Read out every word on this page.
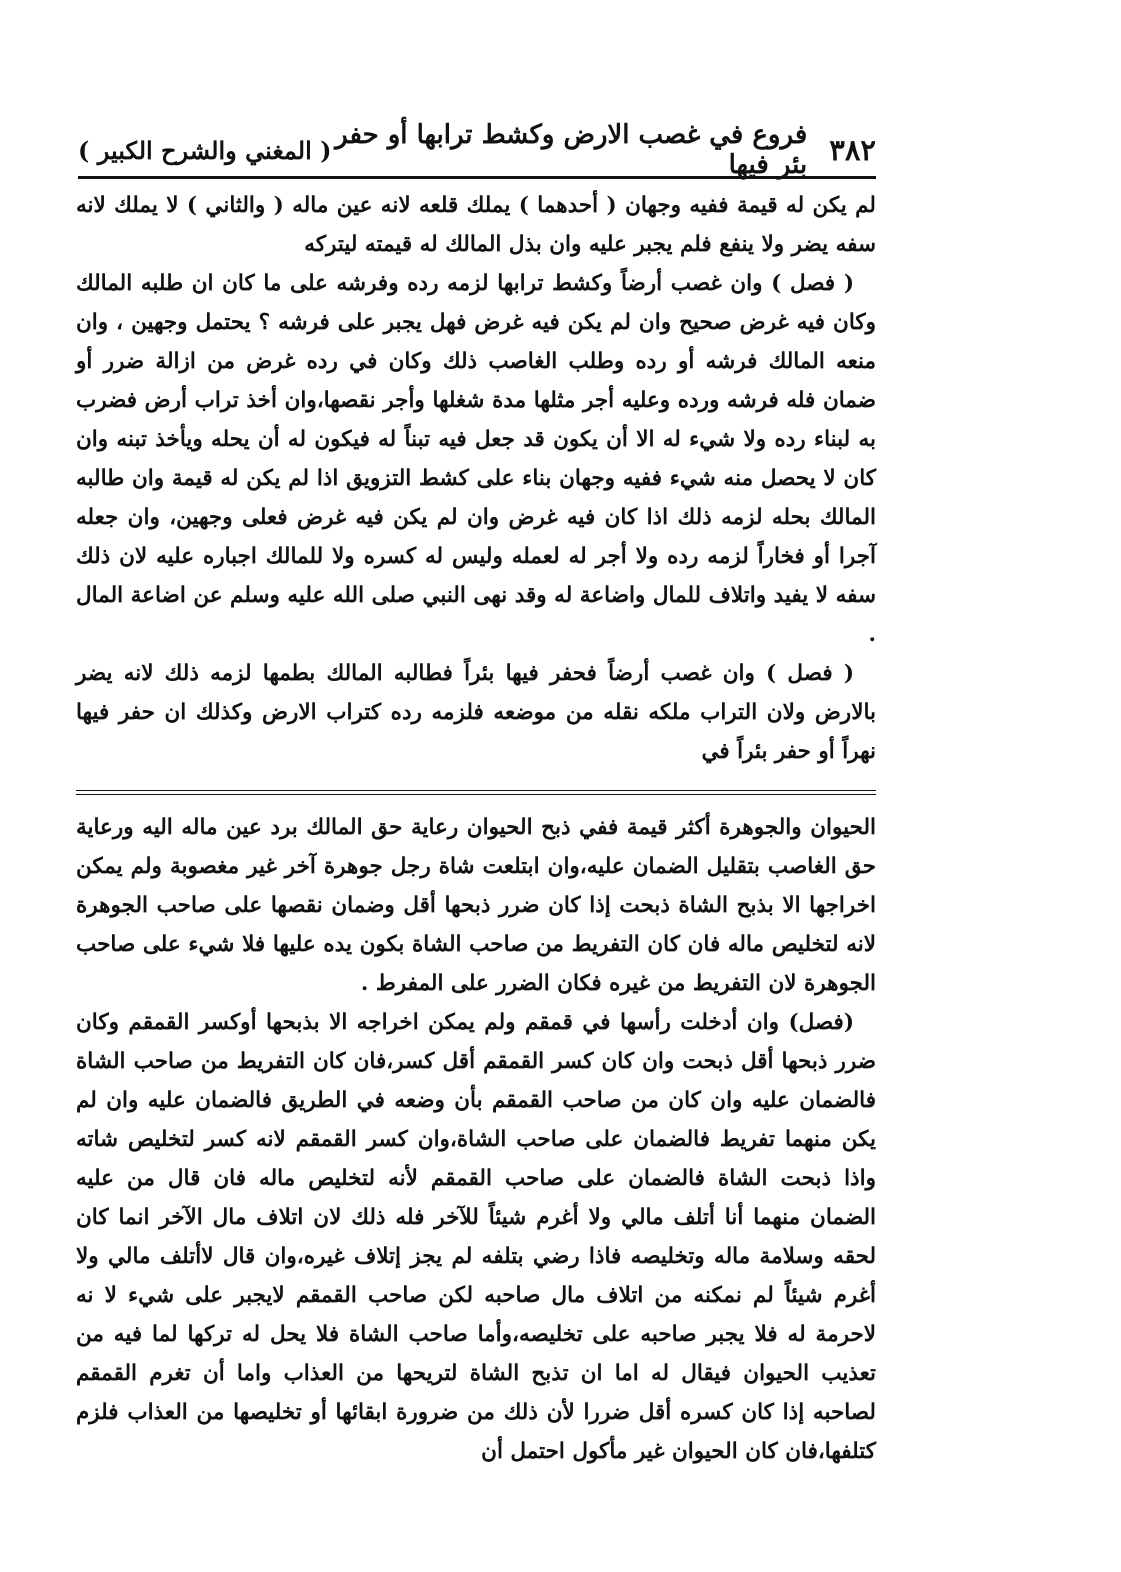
٣٨٢
فروع في غصب الارض وكشط ترابها أو حفر بئر فيها
( المغني والشرح الكبير )

لم يكن له قيمة ففيه وجهان ( أحدهما ) يملك قلعه لانه عين ماله ( والثاني ) لا يملك لانه سفه يضر ولا ينفع فلم يجبر عليه وان بذل المالك له قيمته ليتركه

( فصل ) وان غصب أرضاً وكشط ترابها لزمه رده وفرشه على ما كان ان طلبه المالك وكان فيه غرض صحيح وان لم يكن فيه غرض فهل يجبر على فرشه ؟ يحتمل وجهين ، وان منعه المالك فرشه أو رده وطلب الغاصب ذلك وكان في رده غرض من ازالة ضرر أو ضمان فله فرشه ورده وعليه أجر مثلها مدة شغلها وأجر نقصها،وان أخذ تراب أرض فضرب به لبناء رده ولا شيء له الا أن يكون قد جعل فيه تبناً له فيكون له أن يحله ويأخذ تبنه وان كان لا يحصل منه شيء ففيه وجهان بناء على كشط التزويق اذا لم يكن له قيمة وان طالبه المالك بحله لزمه ذلك اذا كان فيه غرض وان لم يكن فيه غرض فعلى وجهين، وان جعله آجرا أو فخاراً لزمه رده ولا أجر له لعمله وليس له كسره ولا للمالك اجباره عليه لان ذلك سفه لا يفيد واتلاف للمال واضاعة له وقد نهى النبي صلى الله عليه وسلم عن اضاعة المال .

( فصل ) وان غصب أرضاً فحفر فيها بئراً فطالبه المالك بطمها لزمه ذلك لانه يضر بالارض ولان التراب ملكه نقله من موضعه فلزمه رده كتراب الارض وكذلك ان حفر فيها نهراً أو حفر بئراً في

الحيوان والجوهرة أكثر قيمة ففي ذبح الحيوان رعاية حق المالك برد عين ماله اليه ورعاية حق الغاصب بتقليل الضمان عليه،وان ابتلعت شاة رجل جوهرة آخر غير مغصوبة ولم يمكن اخراجها الا بذبح الشاة ذبحت إذا كان ضرر ذبحها أقل وضمان نقصها على صاحب الجوهرة لانه لتخليص ماله فان كان التفريط من صاحب الشاة بكون يده عليها فلا شيء على صاحب الجوهرة لان التفريط من غيره فكان الضرر على المفرط .

(فصل) وان أدخلت رأسها في قمقم ولم يمكن اخراجه الا بذبحها أوكسر القمقم وكان ضرر ذبحها أقل ذبحت وان كان كسر القمقم أقل كسر،فان كان التفريط من صاحب الشاة فالضمان عليه وان كان من صاحب القمقم بأن وضعه في الطريق فالضمان عليه وان لم يكن منهما تفريط فالضمان على صاحب الشاة،وان كسر القمقم لانه كسر لتخليص شاته واذا ذبحت الشاة فالضمان على صاحب القمقم لأنه لتخليص ماله فان قال من عليه الضمان منهما أنا أتلف مالي ولا أغرم شيئاً للآخر فله ذلك لان اتلاف مال الآخر انما كان لحقه وسلامة ماله وتخليصه فاذا رضي بتلفه لم يجز إتلاف غيره،وان قال لاأتلف مالي ولا أغرم شيئاً لم نمكنه من اتلاف مال صاحبه لكن صاحب القمقم لايجبر على شيء لا نه لاحرمة له فلا يجبر صاحبه على تخليصه،وأما صاحب الشاة فلا يحل له تركها لما فيه من تعذيب الحيوان فيقال له اما ان تذبح الشاة لتريحها من العذاب واما أن تغرم القمقم لصاحبه إذا كان كسره أقل ضررا لأن ذلك من ضرورة ابقائها أو تخليصها من العذاب فلزم كتلفها،فان كان الحيوان غير مأكول احتمل أن
